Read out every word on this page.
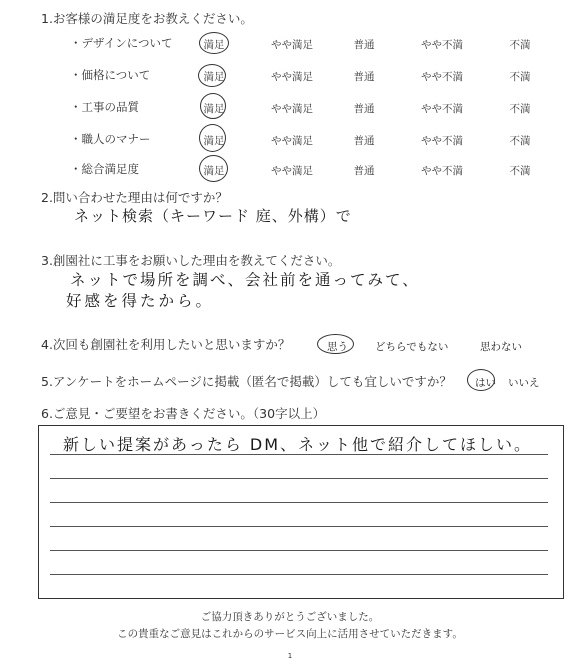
1.お客様の満足度をお教えください。
・デザインについて	満足	やや満足	普通	やや不満	不満
・価格について	満足	やや満足	普通	やや不満	不満
・工事の品質	満足	やや満足	普通	やや不満	不満
・職人のマナー	満足	やや満足	普通	やや不満	不満
・総合満足度	満足	やや満足	普通	やや不満	不満
2.問い合わせた理由は何ですか？
ネット検索（キーワード 庭、外構）で
3.創園社に工事をお願いした理由を教えてください。
ネットで場所を調べ、会社前を通ってみて、
好感を得たから。
4.次回も創園社を利用したいと思いますか？	思う	どちらでもない	思わない
5.アンケートをホームページに掲載（匿名で掲載）しても宜しいですか？ はい いいえ
6.ご意見・ご要望をお書きください。（30字以上）
新しい提案があったら DM、ネット他で紹介してほしい。
ご協力頂きありがとうございました。
この貴重なご意見はこれからのサービス向上に活用させていただきます。
1
